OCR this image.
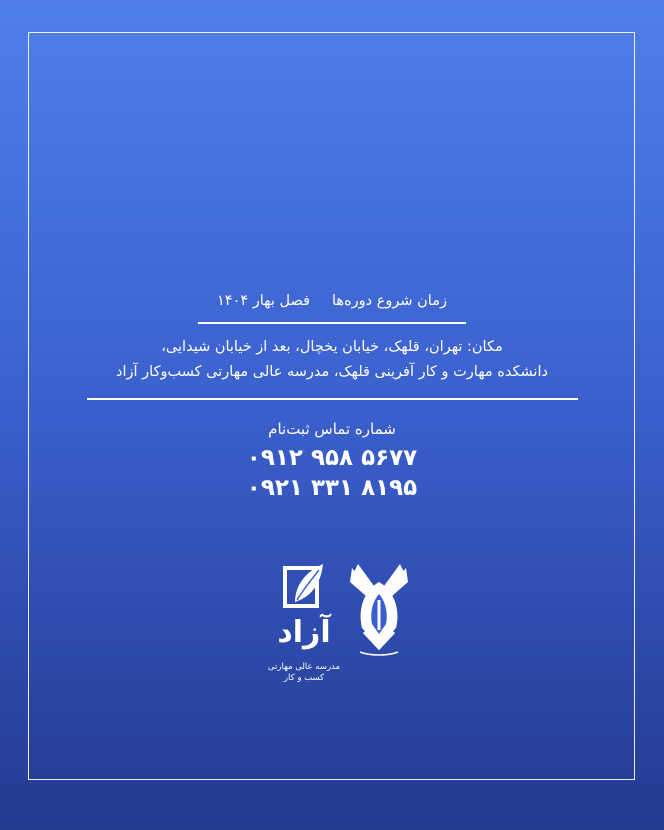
زمان شروع دوره‌هافصل بهار ۱۴۰۴
مکان: تهران، قلهک، خیابان یخچال، بعد از خیابان شیدایی،
دانشکده مهارت و کار آفرینی قلهک، مدرسه عالی مهارتی کسب‌وکار آزاد
شماره تماس ثبت‌نام
۰۹۱۲ ۹۵۸ ۵۶۷۷
۰۹۲۱ ۳۳۱ ۸۱۹۵
آزاد
مدرسه عالی مهارتی
کسب و کار
